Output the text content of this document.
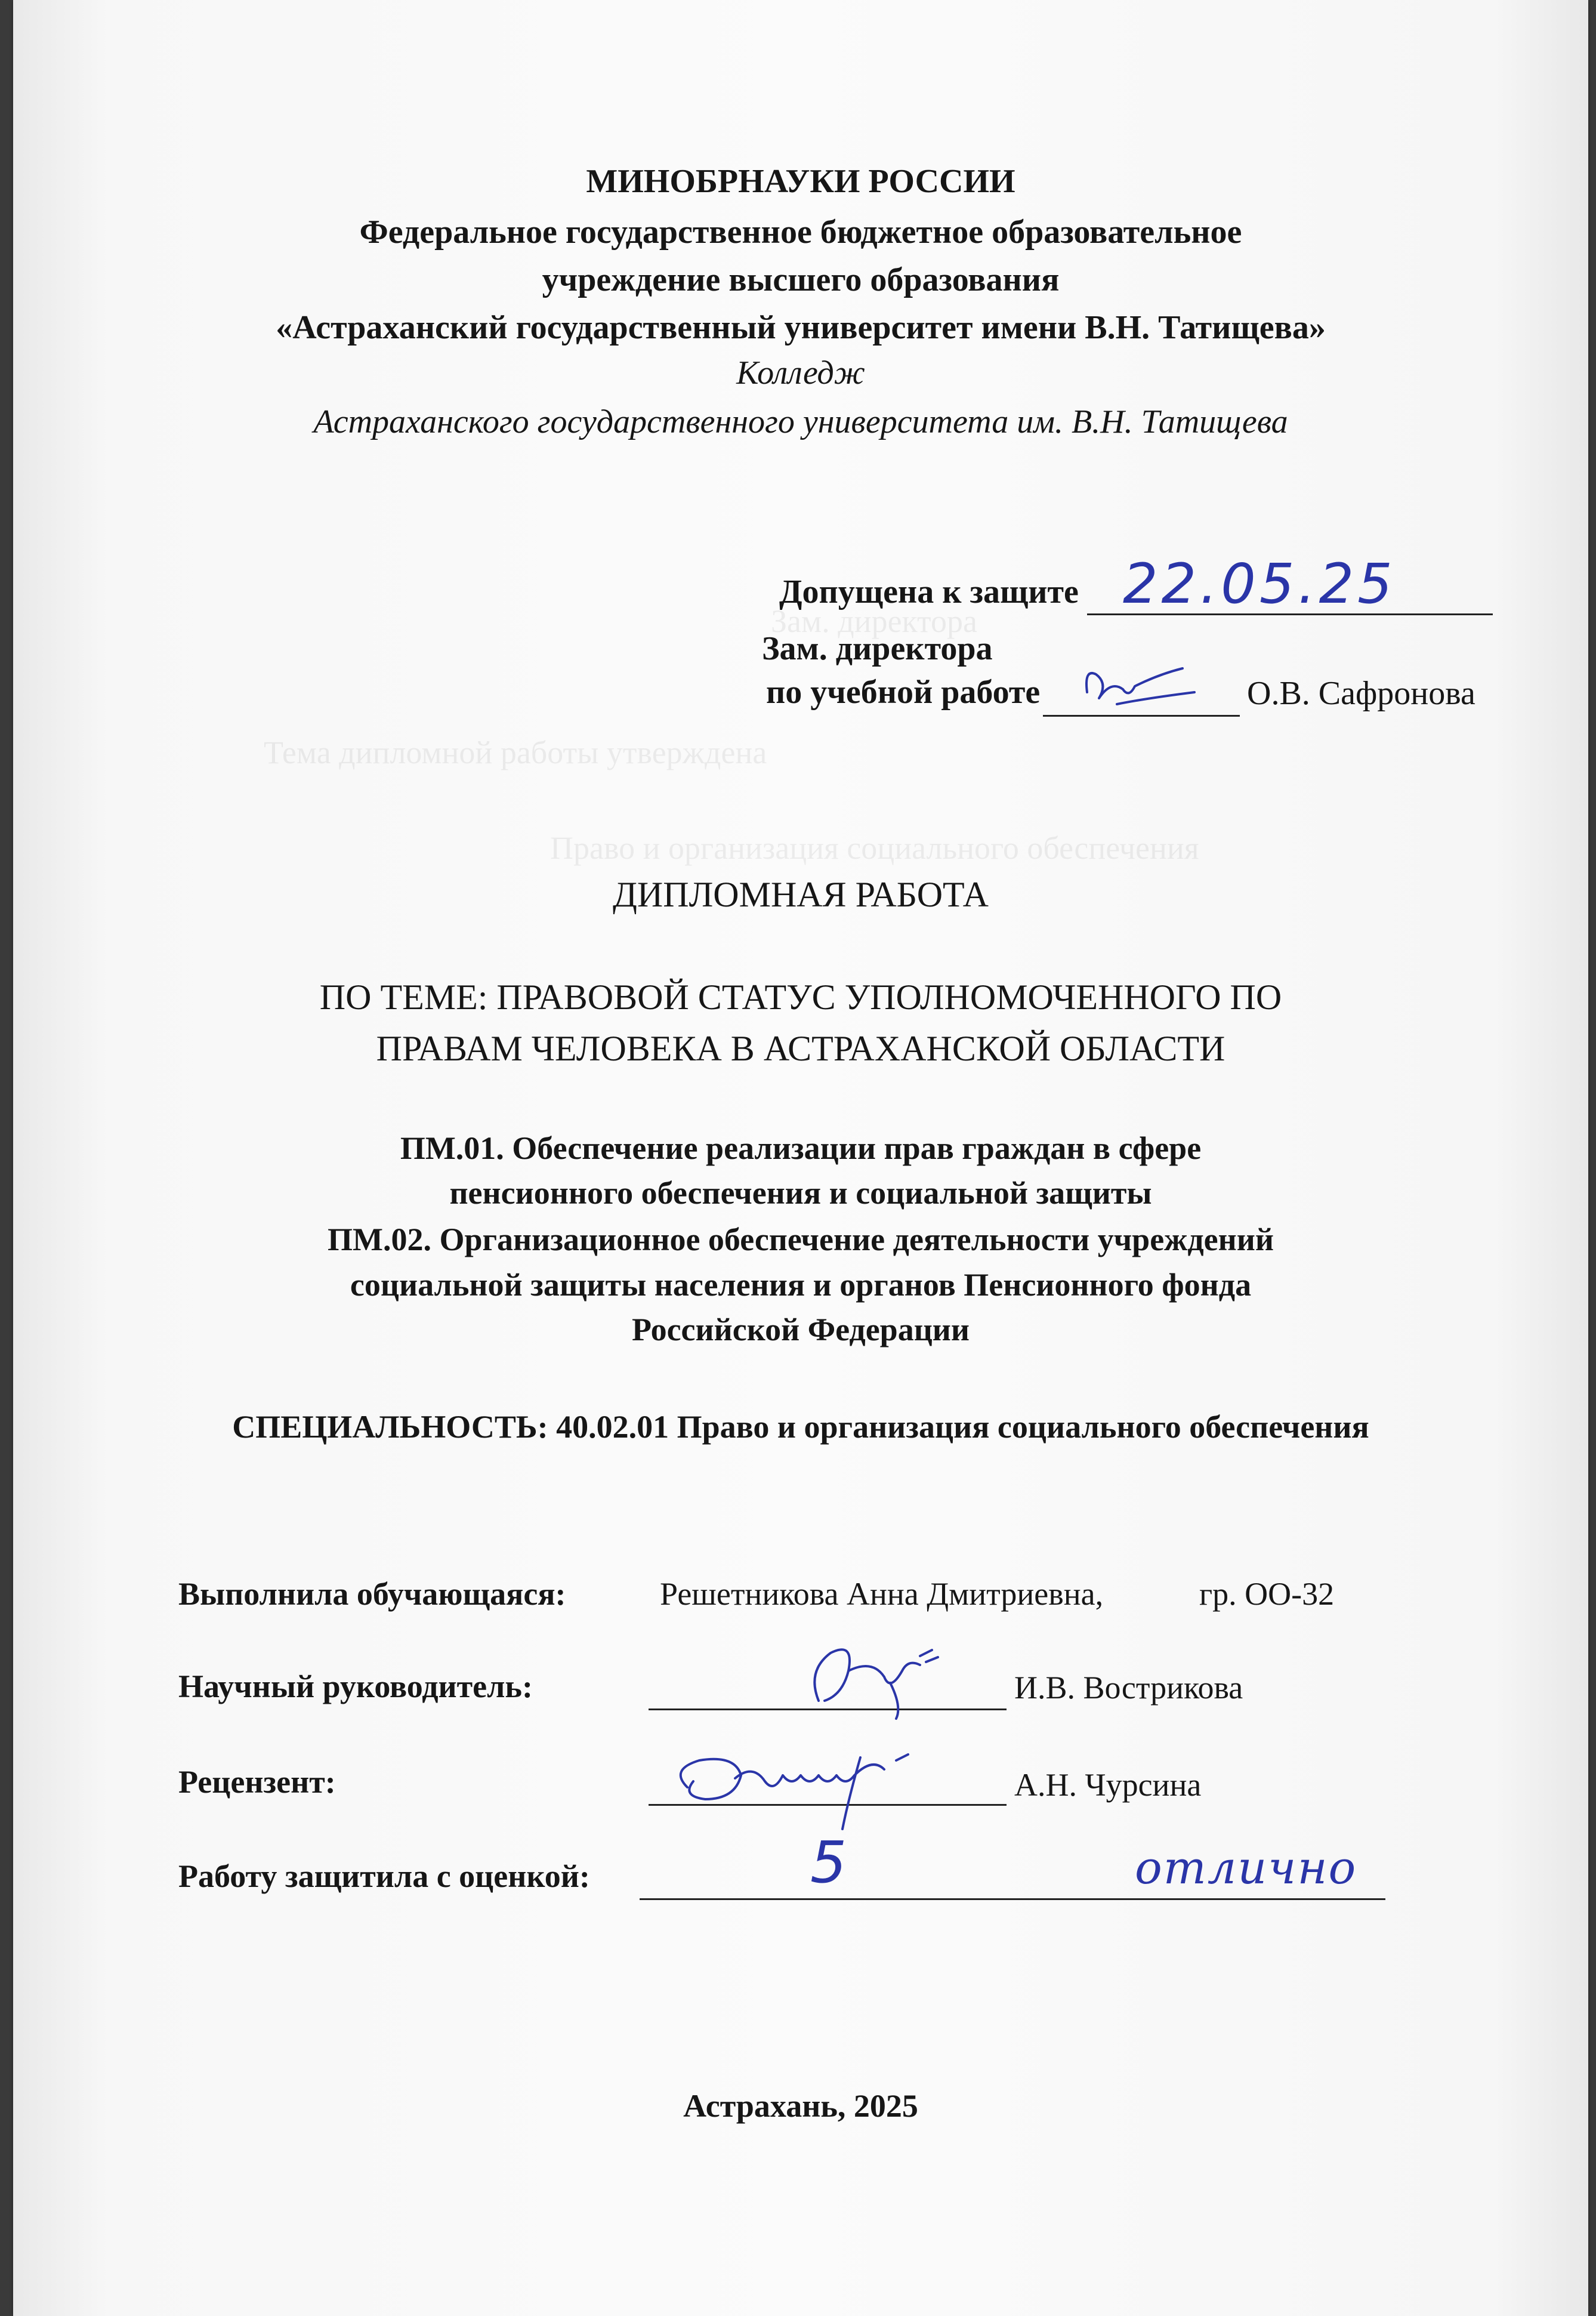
Зам. директора
Тема дипломной работы утверждена
Право и организация социального обеспечения
МИНОБРНАУКИ РОССИИ
Федеральное государственное бюджетное образовательное
учреждение высшего образования
«Астраханский государственный университет имени В.Н. Татищева»
Колледж
Астраханского государственного университета им. В.Н. Татищева
Допущена к защите 22.05.25
Зам. директора
по учебной работе	О.В. Сафронова
ДИПЛОМНАЯ РАБОТА
ПО ТЕМЕ: ПРАВОВОЙ СТАТУС УПОЛНОМОЧЕННОГО ПО
ПРАВАМ ЧЕЛОВЕКА В АСТРАХАНСКОЙ ОБЛАСТИ
ПМ.01. Обеспечение реализации прав граждан в сфере
пенсионного обеспечения и социальной защиты
ПМ.02. Организационное обеспечение деятельности учреждений
социальной защиты населения и органов Пенсионного фонда
Российской Федерации
СПЕЦИАЛЬНОСТЬ: 40.02.01 Право и организация социального обеспечения
Выполнила обучающаяся:	Решетникова Анна Дмитриевна,	гр. ОО-32
Научный руководитель:	И.В. Вострикова
Рецензент:	А.Н. Чурсина
Работу защитила с оценкой:	5	отлично
Астрахань, 2025
